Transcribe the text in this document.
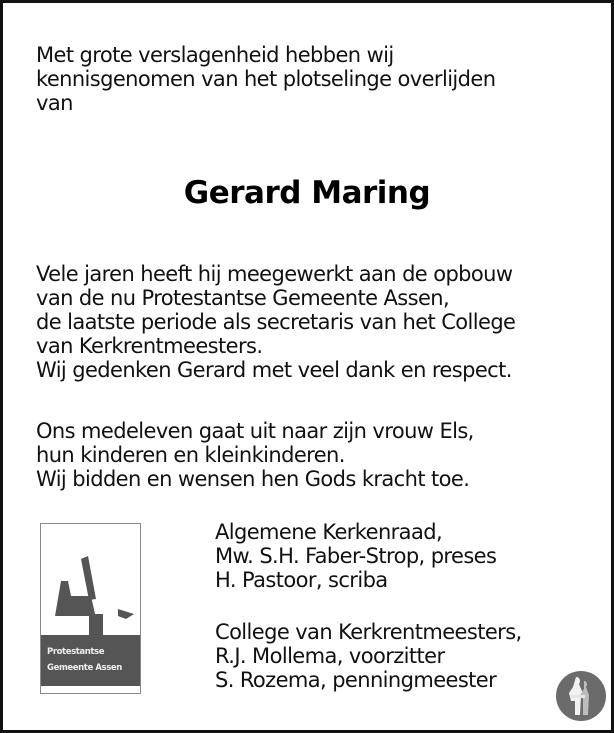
Met grote verslagenheid hebben wij
kennisgenomen van het plotselinge overlijden
van
Gerard Maring
Vele jaren heeft hij meegewerkt aan de opbouw
van de nu Protestantse Gemeente Assen,
de laatste periode als secretaris van het College
van Kerkrentmeesters.
Wij gedenken Gerard met veel dank en respect.
Ons medeleven gaat uit naar zijn vrouw Els,
hun kinderen en kleinkinderen.
Wij bidden en wensen hen Gods kracht toe.
Protestantse
Gemeente Assen
Algemene Kerkenraad,
Mw. S.H. Faber-Strop, preses
H. Pastoor, scriba
College van Kerkrentmeesters,
R.J. Mollema, voorzitter
S. Rozema, penningmeester
